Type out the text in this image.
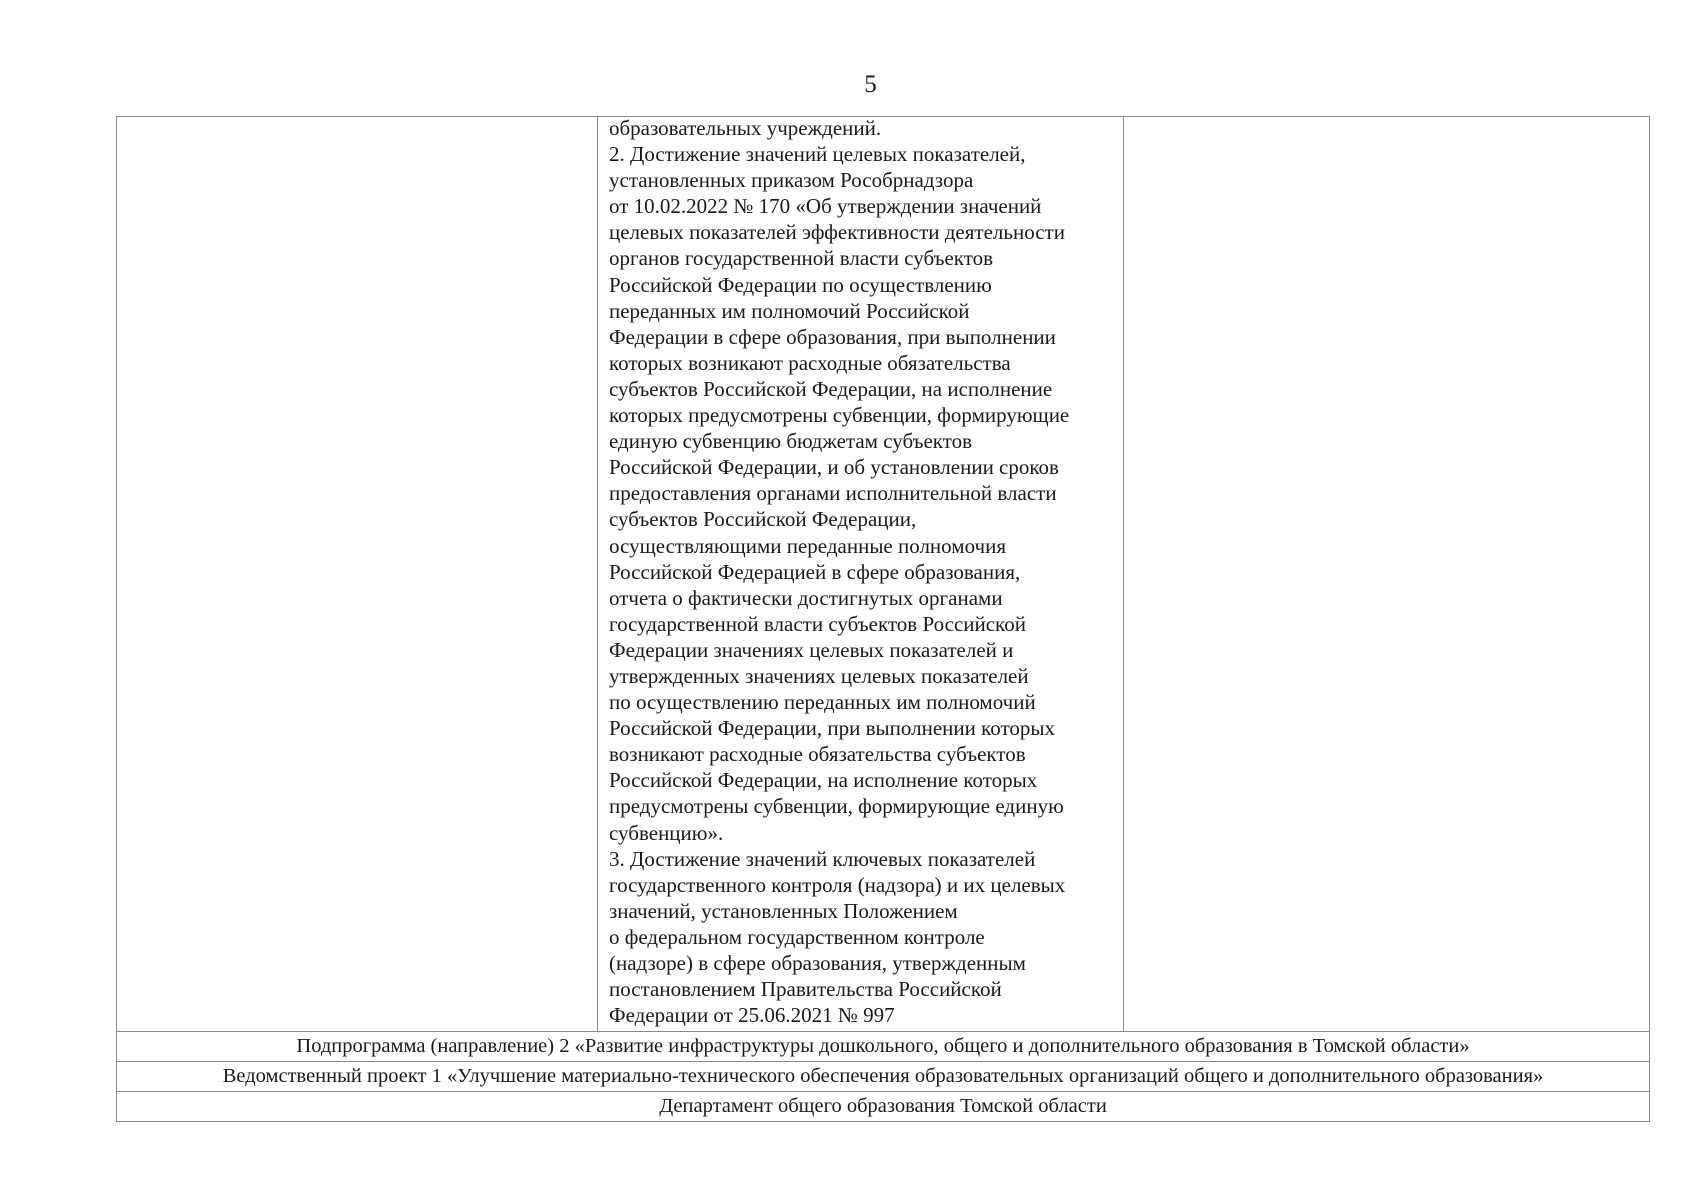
5

образовательных учреждений.
2. Достижение значений целевых показателей,
установленных приказом Рособрнадзора
от 10.02.2022 № 170 «Об утверждении значений
целевых показателей эффективности деятельности
органов государственной власти субъектов
Российской Федерации по осуществлению
переданных им полномочий Российской
Федерации в сфере образования, при выполнении
которых возникают расходные обязательства
субъектов Российской Федерации, на исполнение
которых предусмотрены субвенции, формирующие
единую субвенцию бюджетам субъектов
Российской Федерации, и об установлении сроков
предоставления органами исполнительной власти
субъектов Российской Федерации,
осуществляющими переданные полномочия
Российской Федерацией в сфере образования,
отчета о фактически достигнутых органами
государственной власти субъектов Российской
Федерации значениях целевых показателей и
утвержденных значениях целевых показателей
по осуществлению переданных им полномочий
Российской Федерации, при выполнении которых
возникают расходные обязательства субъектов
Российской Федерации, на исполнение которых
предусмотрены субвенции, формирующие единую
субвенцию».
3. Достижение значений ключевых показателей
государственного контроля (надзора) и их целевых
значений, установленных Положением
о федеральном государственном контроле
(надзоре) в сфере образования, утвержденным
постановлением Правительства Российской
Федерации от 25.06.2021 № 997

Подпрограмма (направление) 2 «Развитие инфраструктуры дошкольного, общего и дополнительного образования в Томской области»
Ведомственный проект 1 «Улучшение материально-технического обеспечения образовательных организаций общего и дополнительного образования»
Департамент общего образования Томской области
